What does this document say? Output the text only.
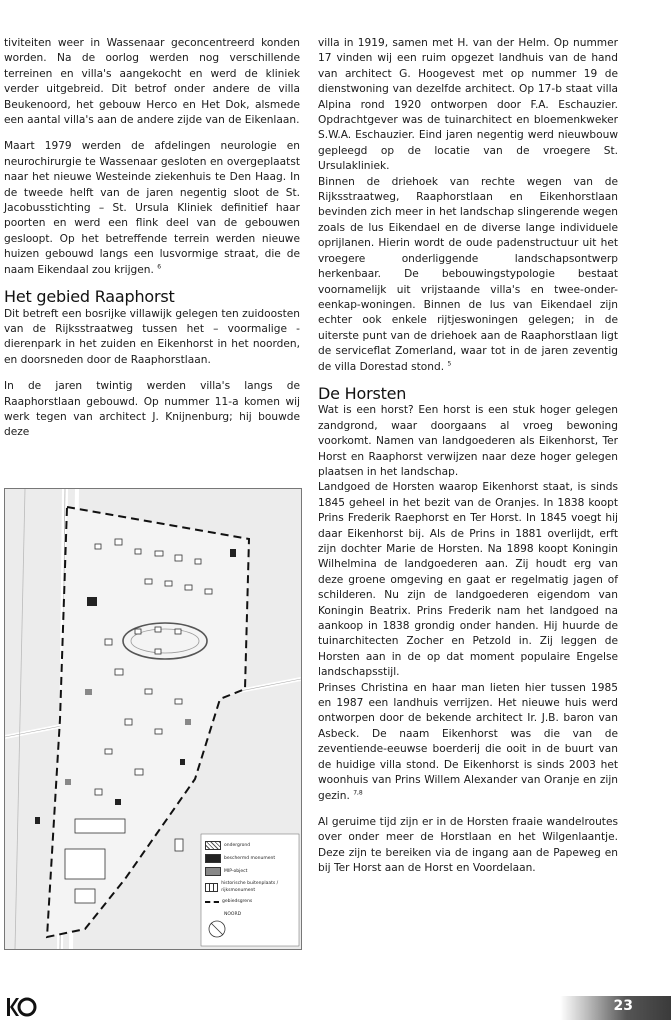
tiviteiten weer in Wassenaar geconcentreerd konden worden. Na de oorlog werden nog verschillende terreinen en villa's aangekocht en werd de kliniek verder uitgebreid. Dit betrof onder andere de villa Beukenoord, het gebouw Herco en Het Dok, alsmede een aantal villa's aan de andere zijde van de Eikenlaan.

Maart 1979 werden de afdelingen neurologie en neurochirurgie te Wassenaar gesloten en overgeplaatst naar het nieuwe Westeinde ziekenhuis te Den Haag. In de tweede helft van de jaren negentig sloot de St. Jacobusstichting – St. Ursula Kliniek definitief haar poorten en werd een flink deel van de gebouwen gesloopt. Op het betreffende terrein werden nieuwe huizen gebouwd langs een lusvormige straat, die de naam Eikendaal zou krijgen. $^6$

Het gebied Raaphorst

Dit betreft een bosrijke villawijk gelegen ten zuidoosten van de Rijksstraatweg tussen het – voormalige - dierenpark in het zuiden en Eikenhorst in het noorden, en doorsneden door de Raaphorstlaan.

In de jaren twintig werden villa's langs de Raaphorstlaan gebouwd. Op nummer 11-a komen wij werk tegen van architect J. Knijnenburg; hij bouwde deze

ondergrond
beschermd monument
MIP-object
historische buitenplaats / rijksmonument
gebiedsgrens
NOORD

villa in 1919, samen met H. van der Helm. Op nummer 17 vinden wij een ruim opgezet landhuis van de hand van architect G. Hoogevest met op nummer 19 de dienstwoning van dezelfde architect. Op 17-b staat villa Alpina rond 1920 ontworpen door F.A. Eschauzier. Opdrachtgever was de tuinarchitect en bloemenkweker S.W.A. Eschauzier. Eind jaren negentig werd nieuwbouw gepleegd op de locatie van de vroegere St. Ursulakliniek.

Binnen de driehoek van rechte wegen van de Rijksstraatweg, Raaphorstlaan en Eikenhorstlaan bevinden zich meer in het landschap slingerende wegen zoals de lus Eikendael en de diverse lange individuele oprijlanen. Hierin wordt de oude padenstructuur uit het vroegere onderliggende landschapsontwerp herkenbaar. De bebouwingstypologie bestaat voornamelijk uit vrijstaande villa's en twee-onder-eenkap-woningen. Binnen de lus van Eikendael zijn echter ook enkele rijtjeswoningen gelegen; in de uiterste punt van de driehoek aan de Raaphorstlaan ligt de serviceflat Zomerland, waar tot in de jaren zeventig de villa Dorestad stond. $^5$

De Horsten

Wat is een horst? Een horst is een stuk hoger gelegen zandgrond, waar doorgaans al vroeg bewoning voorkomt. Namen van landgoederen als Eikenhorst, Ter Horst en Raaphorst verwijzen naar deze hoger gelegen plaatsen in het landschap.

Landgoed de Horsten waarop Eikenhorst staat, is sinds 1845 geheel in het bezit van de Oranjes. In 1838 koopt Prins Frederik Raephorst en Ter Horst. In 1845 voegt hij daar Eikenhorst bij. Als de Prins in 1881 overlijdt, erft zijn dochter Marie de Horsten. Na 1898 koopt Koningin Wilhelmina de landgoederen aan. Zij houdt erg van deze groene omgeving en gaat er regelmatig jagen of schilderen. Nu zijn de landgoederen eigendom van Koningin Beatrix. Prins Frederik nam het landgoed na aankoop in 1838 grondig onder handen. Hij huurde de tuinarchitecten Zocher en Petzold in. Zij leggen de Horsten aan in de op dat moment populaire Engelse landschapsstijl.

Prinses Christina en haar man lieten hier tussen 1985 en 1987 een landhuis verrijzen. Het nieuwe huis werd ontworpen door de bekende architect Ir. J.B. baron van Asbeck. De naam Eikenhorst was die van de zeventiende-eeuwse boerderij die ooit in de buurt van de huidige villa stond. De Eikenhorst is sinds 2003 het woonhuis van Prins Willem Alexander van Oranje en zijn gezin. $^{7,8}$

Al geruime tijd zijn er in de Horsten fraaie wandelroutes over onder meer de Horstlaan en het Wilgenlaantje. Deze zijn te bereiken via de ingang aan de Papeweg en bij Ter Horst aan de Horst en Voordelaan.

23
